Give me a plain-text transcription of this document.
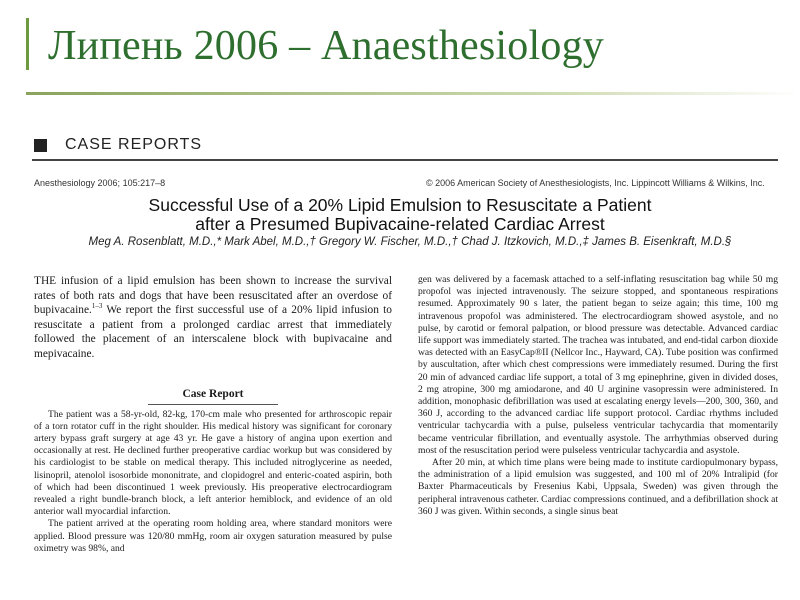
Липень 2006 – Anaesthesiology
CASE REPORTS
Anesthesiology 2006; 105:217–8	© 2006 American Society of Anesthesiologists, Inc. Lippincott Williams & Wilkins, Inc.
Successful Use of a 20% Lipid Emulsion to Resuscitate a Patient
after a Presumed Bupivacaine-related Cardiac Arrest
Meg A. Rosenblatt, M.D.,* Mark Abel, M.D.,† Gregory W. Fischer, M.D.,† Chad J. Itzkovich, M.D.,‡ James B. Eisenkraft, M.D.§

THE infusion of a lipid emulsion has been shown to increase the survival rates of both rats and dogs that have been resuscitated after an overdose of bupivacaine.$^{1-3}$ We report the first successful use of a 20% lipid infusion to resuscitate a patient from a prolonged cardiac arrest that immediately followed the placement of an interscalene block with bupivacaine and mepivacaine.

Case Report

The patient was a 58-yr-old, 82-kg, 170-cm male who presented for arthroscopic repair of a torn rotator cuff in the right shoulder. His medical history was significant for coronary artery bypass graft surgery at age 43 yr. He gave a history of angina upon exertion and occasionally at rest. He declined further preoperative cardiac workup but was considered by his cardiologist to be stable on medical therapy. This included nitroglycerine as needed, lisinopril, atenolol isosorbide mononitrate, and clopidogrel and enteric-coated aspirin, both of which had been discontinued 1 week previously. His preoperative electrocardiogram revealed a right bundle-branch block, a left anterior hemiblock, and evidence of an old anterior wall myocardial infarction.

The patient arrived at the operating room holding area, where standard monitors were applied. Blood pressure was 120/80 mmHg, room air oxygen saturation measured by pulse oximetry was 98%, and

gen was delivered by a facemask attached to a self-inflating resuscitation bag while 50 mg propofol was injected intravenously. The seizure stopped, and spontaneous respirations resumed. Approximately 90 s later, the patient began to seize again; this time, 100 mg intravenous propofol was administered. The electrocardiogram showed asystole, and no pulse, by carotid or femoral palpation, or blood pressure was detectable. Advanced cardiac life support was immediately started. The trachea was intubated, and end-tidal carbon dioxide was detected with an EasyCap®II (Nellcor Inc., Hayward, CA). Tube position was confirmed by auscultation, after which chest compressions were immediately resumed. During the first 20 min of advanced cardiac life support, a total of 3 mg epinephrine, given in divided doses, 2 mg atropine, 300 mg amiodarone, and 40 U arginine vasopressin were administered. In addition, monophasic defibrillation was used at escalating energy levels—200, 300, 360, and 360 J, according to the advanced cardiac life support protocol. Cardiac rhythms included ventricular tachycardia with a pulse, pulseless ventricular tachycardia that momentarily became ventricular fibrillation, and eventually asystole. The arrhythmias observed during most of the resuscitation period were pulseless ventricular tachycardia and asystole.

After 20 min, at which time plans were being made to institute cardiopulmonary bypass, the administration of a lipid emulsion was suggested, and 100 ml of 20% Intralipid (for Baxter Pharmaceuticals by Fresenius Kabi, Uppsala, Sweden) was given through the peripheral intravenous catheter. Cardiac compressions continued, and a defibrillation shock at 360 J was given. Within seconds, a single sinus beat
